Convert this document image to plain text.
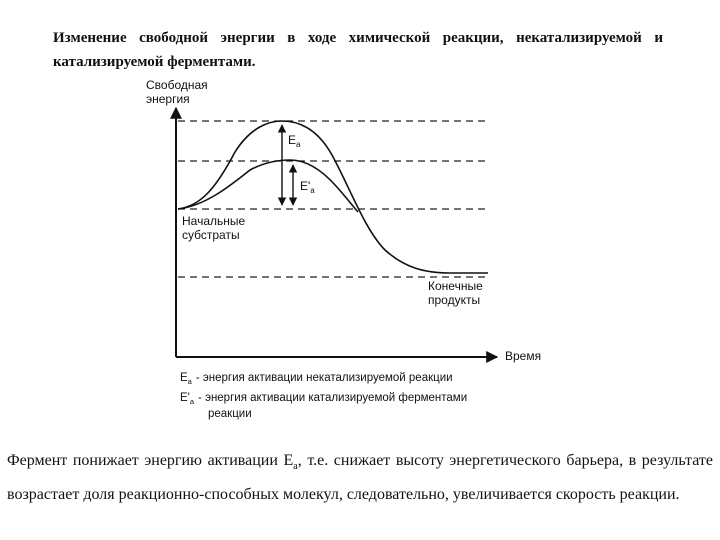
Изменение свободной энергии в ходе химической реакции, некатализируемой и катализируемой ферментами.
Свободная
энергия
Время
$E_a$
$E'_a$
Начальные
субстраты
Конечные
продукты
$E_a$ - энергия активации некатализируемой реакции
$E'_a$ - энергия активации катализируемой ферментами
реакции
Фермент понижает энергию активации $E_a$, т.е. снижает высоту энергетического барьера, в результате возрастает доля реакционно-способных молекул, следовательно, увеличивается скорость реакции.
